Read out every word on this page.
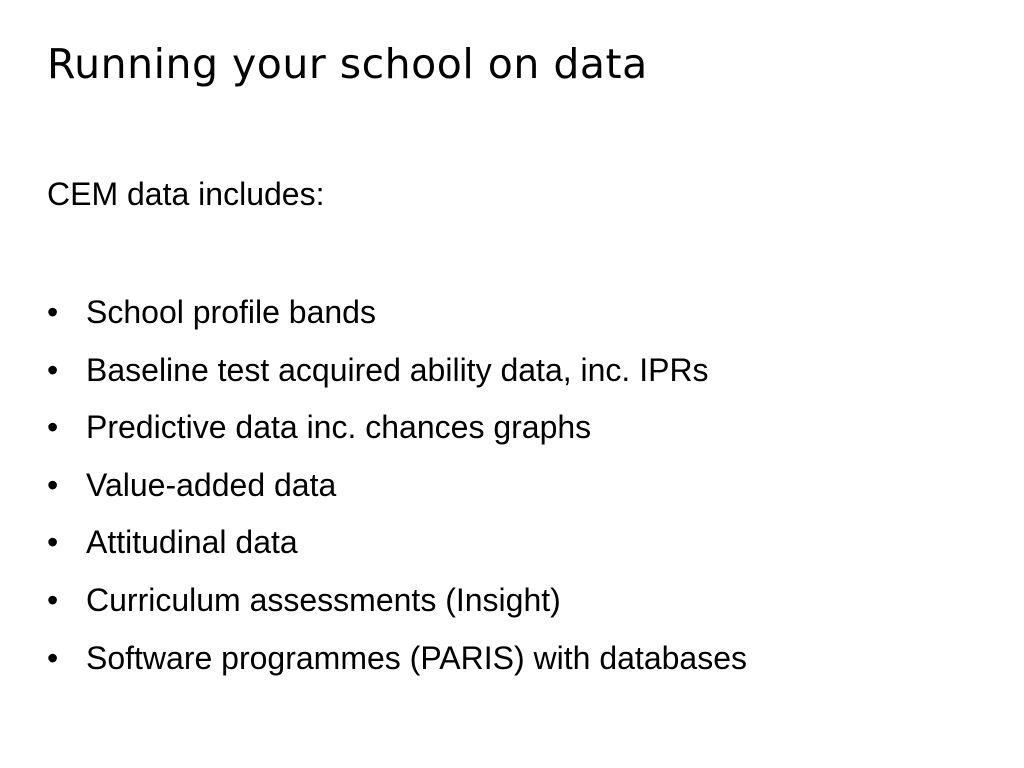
Running your school on data

CEM data includes:

• School profile bands
• Baseline test acquired ability data, inc. IPRs
• Predictive data inc. chances graphs
• Value-added data
• Attitudinal data
• Curriculum assessments (Insight)
• Software programmes (PARIS) with databases
